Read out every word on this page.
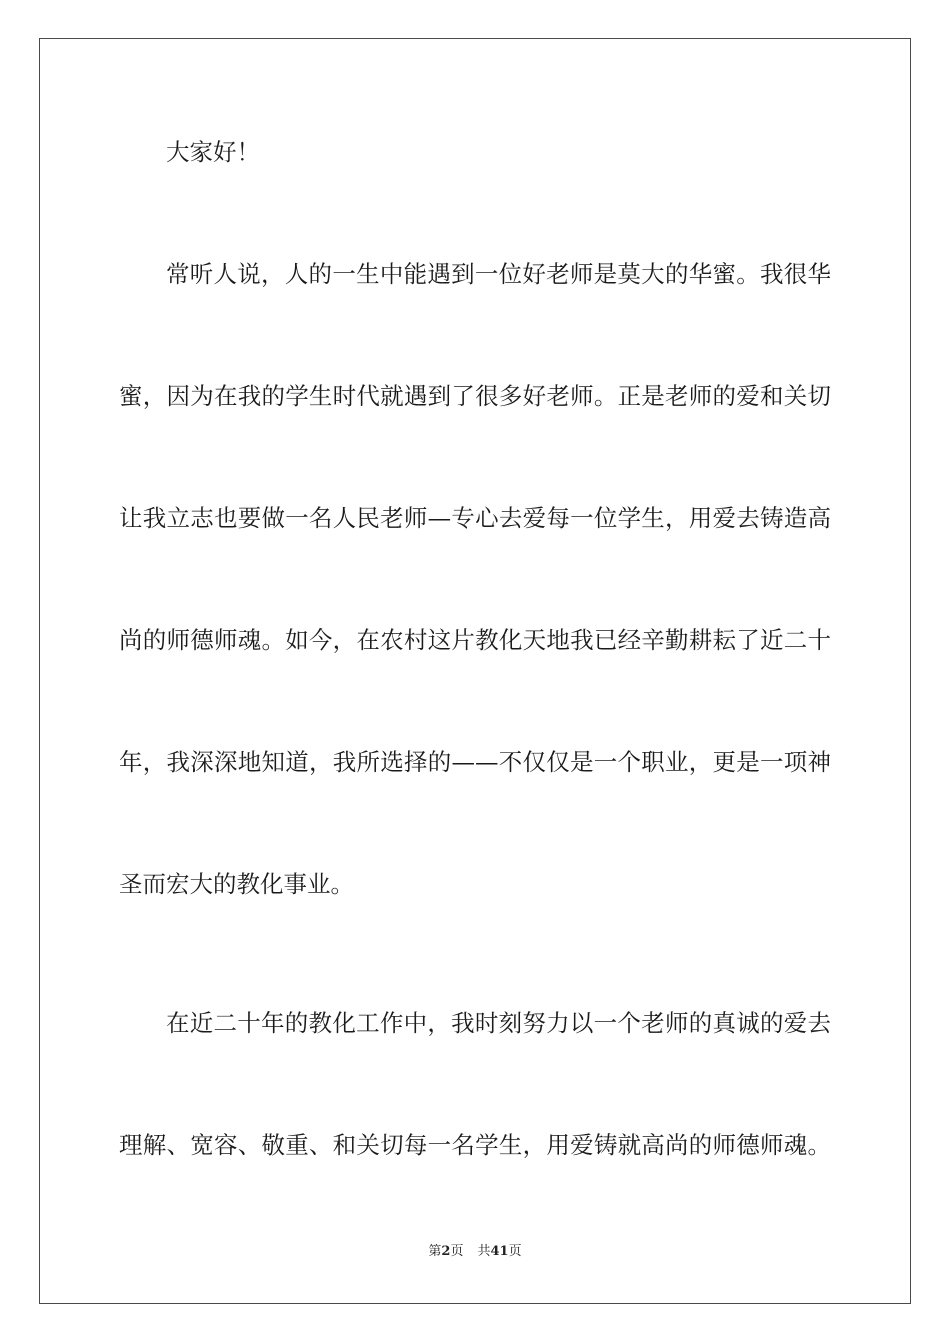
大家好！
常听人说，人的一生中能遇到一位好老师是莫大的华蜜。我很华
蜜，因为在我的学生时代就遇到了很多好老师。正是老师的爱和关切
让我立志也要做一名人民老师—专心去爱每一位学生，用爱去铸造高
尚的师德师魂。如今，在农村这片教化天地我已经辛勤耕耘了近二十
年，我深深地知道，我所选择的——不仅仅是一个职业，更是一项神
圣而宏大的教化事业。
在近二十年的教化工作中，我时刻努力以一个老师的真诚的爱去
理解、宽容、敬重、和关切每一名学生，用爱铸就高尚的师德师魂。
第2页 共41页
